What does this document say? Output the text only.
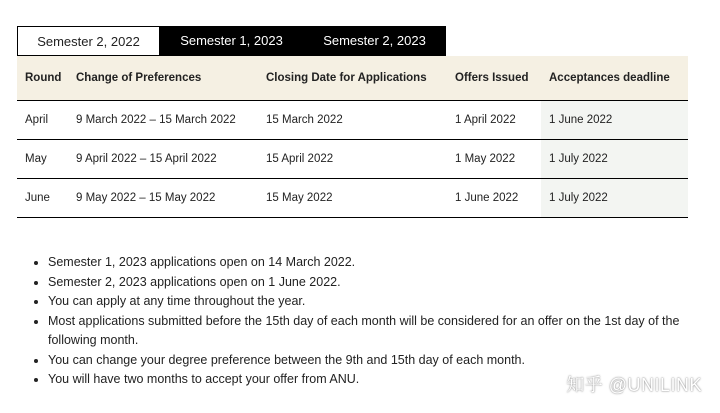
Semester 2, 2022	Semester 1, 2023	Semester 2, 2023
Round	Change of Preferences	Closing Date for Applications	Offers Issued	Acceptances deadline
April	9 March 2022 – 15 March 2022	15 March 2022	1 April 2022	1 June 2022
May	9 April 2022 – 15 April 2022	15 April 2022	1 May 2022	1 July 2022
June	9 May 2022 – 15 May 2022	15 May 2022	1 June 2022	1 July 2022
• Semester 1, 2023 applications open on 14 March 2022.
• Semester 2, 2023 applications open on 1 June 2022.
• You can apply at any time throughout the year.
• Most applications submitted before the 15th day of each month will be considered for an offer on the 1st day of the following month.
• You can change your degree preference between the 9th and 15th day of each month.
• You will have two months to accept your offer from ANU.	知乎 @UNILINK
